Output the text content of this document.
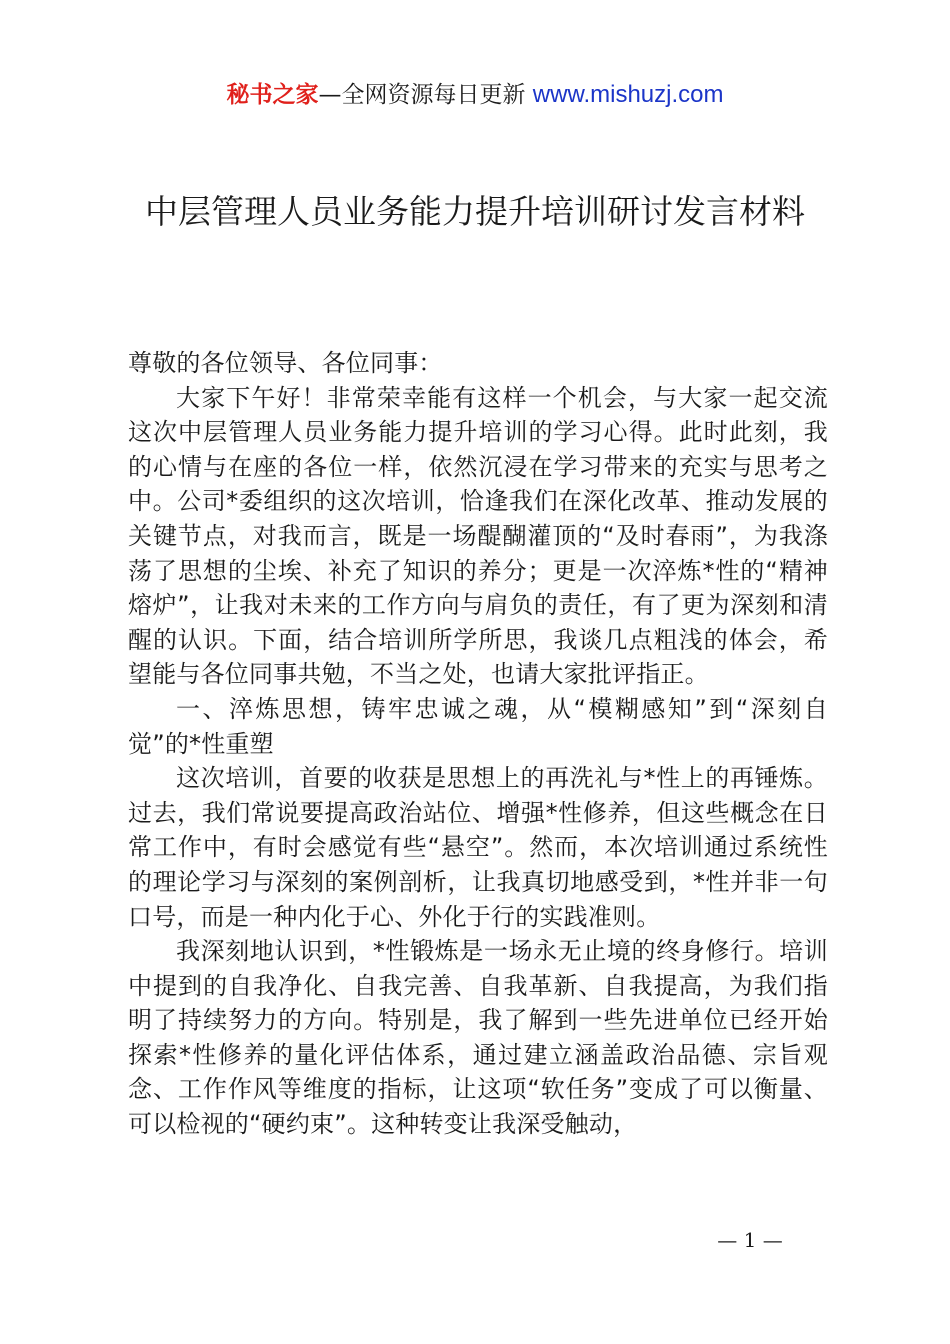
秘书之家—全网资源每日更新 www.mishuzj.com
中层管理人员业务能力提升培训研讨发言材料

尊敬的各位领导、各位同事：

大家下午好！非常荣幸能有这样一个机会，与大家一起交流这次中层管理人员业务能力提升培训的学习心得。此时此刻，我的心情与在座的各位一样，依然沉浸在学习带来的充实与思考之中。公司*委组织的这次培训，恰逢我们在深化改革、推动发展的关键节点，对我而言，既是一场醍醐灌顶的“及时春雨”，为我涤荡了思想的尘埃、补充了知识的养分；更是一次淬炼*性的“精神熔炉”，让我对未来的工作方向与肩负的责任，有了更为深刻和清醒的认识。下面，结合培训所学所思，我谈几点粗浅的体会，希望能与各位同事共勉，不当之处，也请大家批评指正。

一、淬炼思想，铸牢忠诚之魂，从“模糊感知”到“深刻自觉”的*性重塑

这次培训，首要的收获是思想上的再洗礼与*性上的再锤炼。过去，我们常说要提高政治站位、增强*性修养，但这些概念在日常工作中，有时会感觉有些“悬空”。然而，本次培训通过系统性的理论学习与深刻的案例剖析，让我真切地感受到，*性并非一句口号，而是一种内化于心、外化于行的实践准则。

我深刻地认识到，*性锻炼是一场永无止境的终身修行。培训中提到的自我净化、自我完善、自我革新、自我提高，为我们指明了持续努力的方向。特别是，我了解到一些先进单位已经开始探索*性修养的量化评估体系，通过建立涵盖政治品德、宗旨观念、工作作风等维度的指标，让这项“软任务”变成了可以衡量、可以检视的“硬约束”。这种转变让我深受触动，

— 1 —
